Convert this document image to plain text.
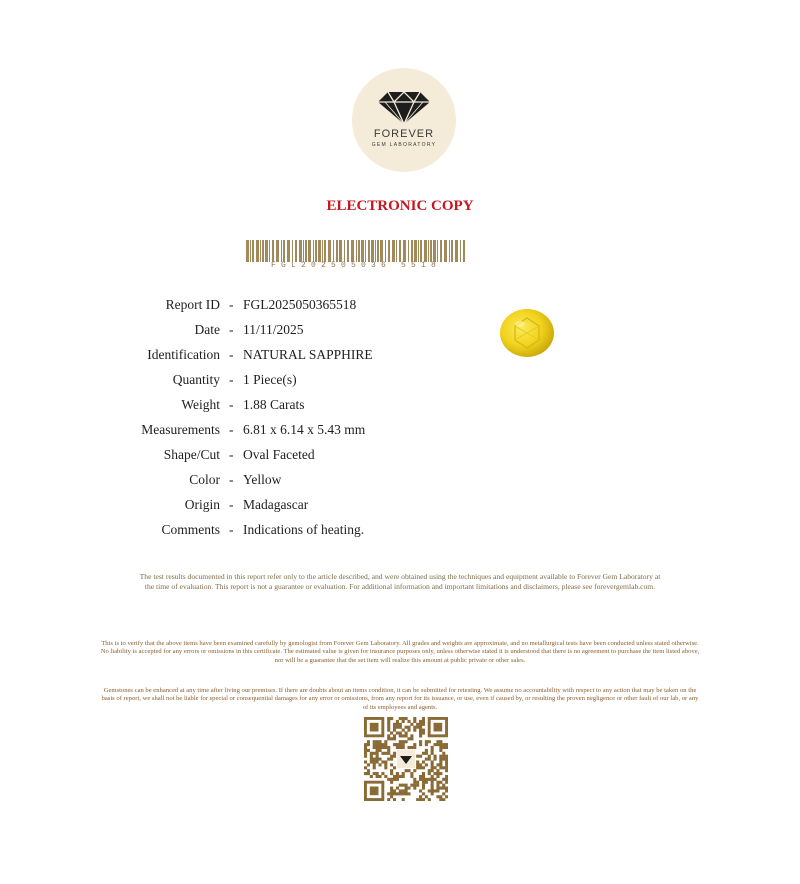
FOREVER
GEM LABORATORY
ELECTRONIC COPY
FGL202505036 5518
Report ID - FGL2025050365518
Date - 11/11/2025
Identification - NATURAL SAPPHIRE
Quantity - 1 Piece(s)
Weight - 1.88 Carats
Measurements - 6.81 x 6.14 x 5.43 mm
Shape/Cut - Oval Faceted
Color - Yellow
Origin - Madagascar
Comments - Indications of heating.
The test results documented in this report refer only to the article described, and were obtained using the techniques and equipment available to Forever Gem Laboratory at the time of evaluation. This report is not a guarantee or evaluation. For additional information and important limitations and disclaimers, please see forevergemlab.com.
This is to verify that the above items have been examined carefully by gemologist from Forever Gem Laboratory. All grades and weights are approximate, and no metallurgical tests have been conducted unless stated otherwise. No liability is accepted for any errors or omissions in this certificate. The estimated value is given for insurance purposes only, unless otherwise stated it is understood that there is no agreement to purchase the item listed above, nor will be a guarantee that the set item will realize this amount at public private or other sales.
Gemstones can be enhanced at any time after living our premises. If there are doubts about an items condition, it can be submitted for retesting. We assume no accountability with respect to any action that may be taken on the basis of report, we shall not be liable for special or consequential damages for any error or omissions, from any report for its issuance, or use, even if caused by, or resulting the proven negligence or other fault of our lab, or any of its employees and agents.
